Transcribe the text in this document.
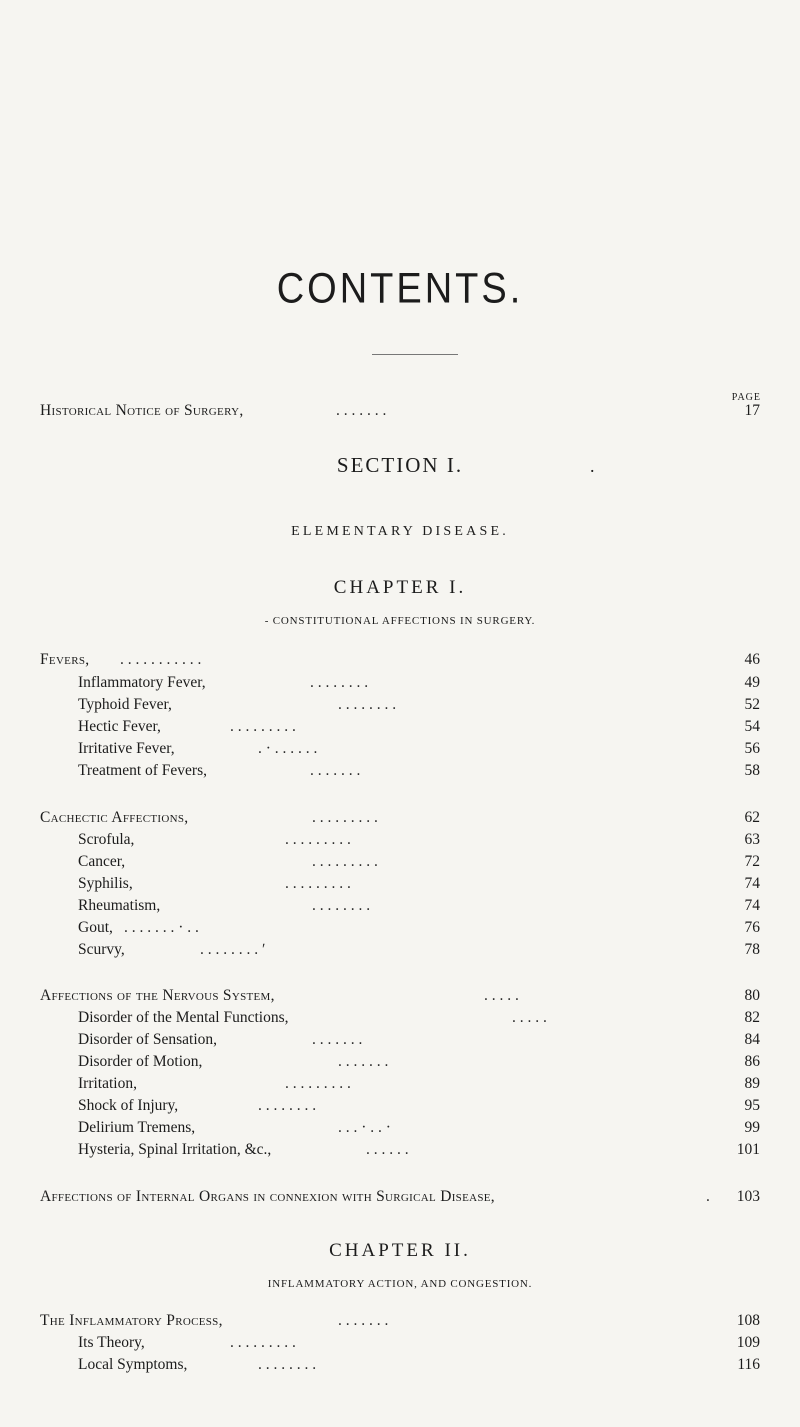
CONTENTS.
PAGE
Historical Notice of Surgery,	. . . . . . .	17
SECTION I.	.
ELEMENTARY DISEASE.
CHAPTER I.
- CONSTITUTIONAL AFFECTIONS IN SURGERY.
Fevers, . . . . . . . . . . .	46
Inflammatory Fever,	. . . . . . . .	49
Typhoid Fever,	. . . . . . . .	52
Hectic Fever,	. . . . . . . . .	54
Irritative Fever,	. · . . . . . .	56
Treatment of Fevers,	. . . . . . .	58
Cachectic Affections,	. . . . . . . . .	62
Scrofula,	. . . . . . . . .	63
Cancer,	. . . . . . . . .	72
Syphilis,	. . . . . . . . .	74
Rheumatism,	. . . . . . . .	74
Gout, . . . . . . . · . .	76
Scurvy,	. . . . . . . . ʹ	78
Affections of the Nervous System,	. . . . .	80
Disorder of the Mental Functions,	. . . . .	82
Disorder of Sensation,	. . . . . . .	84
Disorder of Motion,	. . . . . . .	86
Irritation,	. . . . . . . . .	89
Shock of Injury,	. . . . . . . .	95
Delirium Tremens,	. . . · . . ·	99
Hysteria, Spinal Irritation, &c.,	. . . . . .	101
Affections of Internal Organs in connexion with Surgical Disease,	. 103
CHAPTER II.
INFLAMMATORY ACTION, AND CONGESTION.
The Inflammatory Process,	. . . . . . .	108
Its Theory,	. . . . . . . . .	109
Local Symptoms,	. . . . . . . .	116
